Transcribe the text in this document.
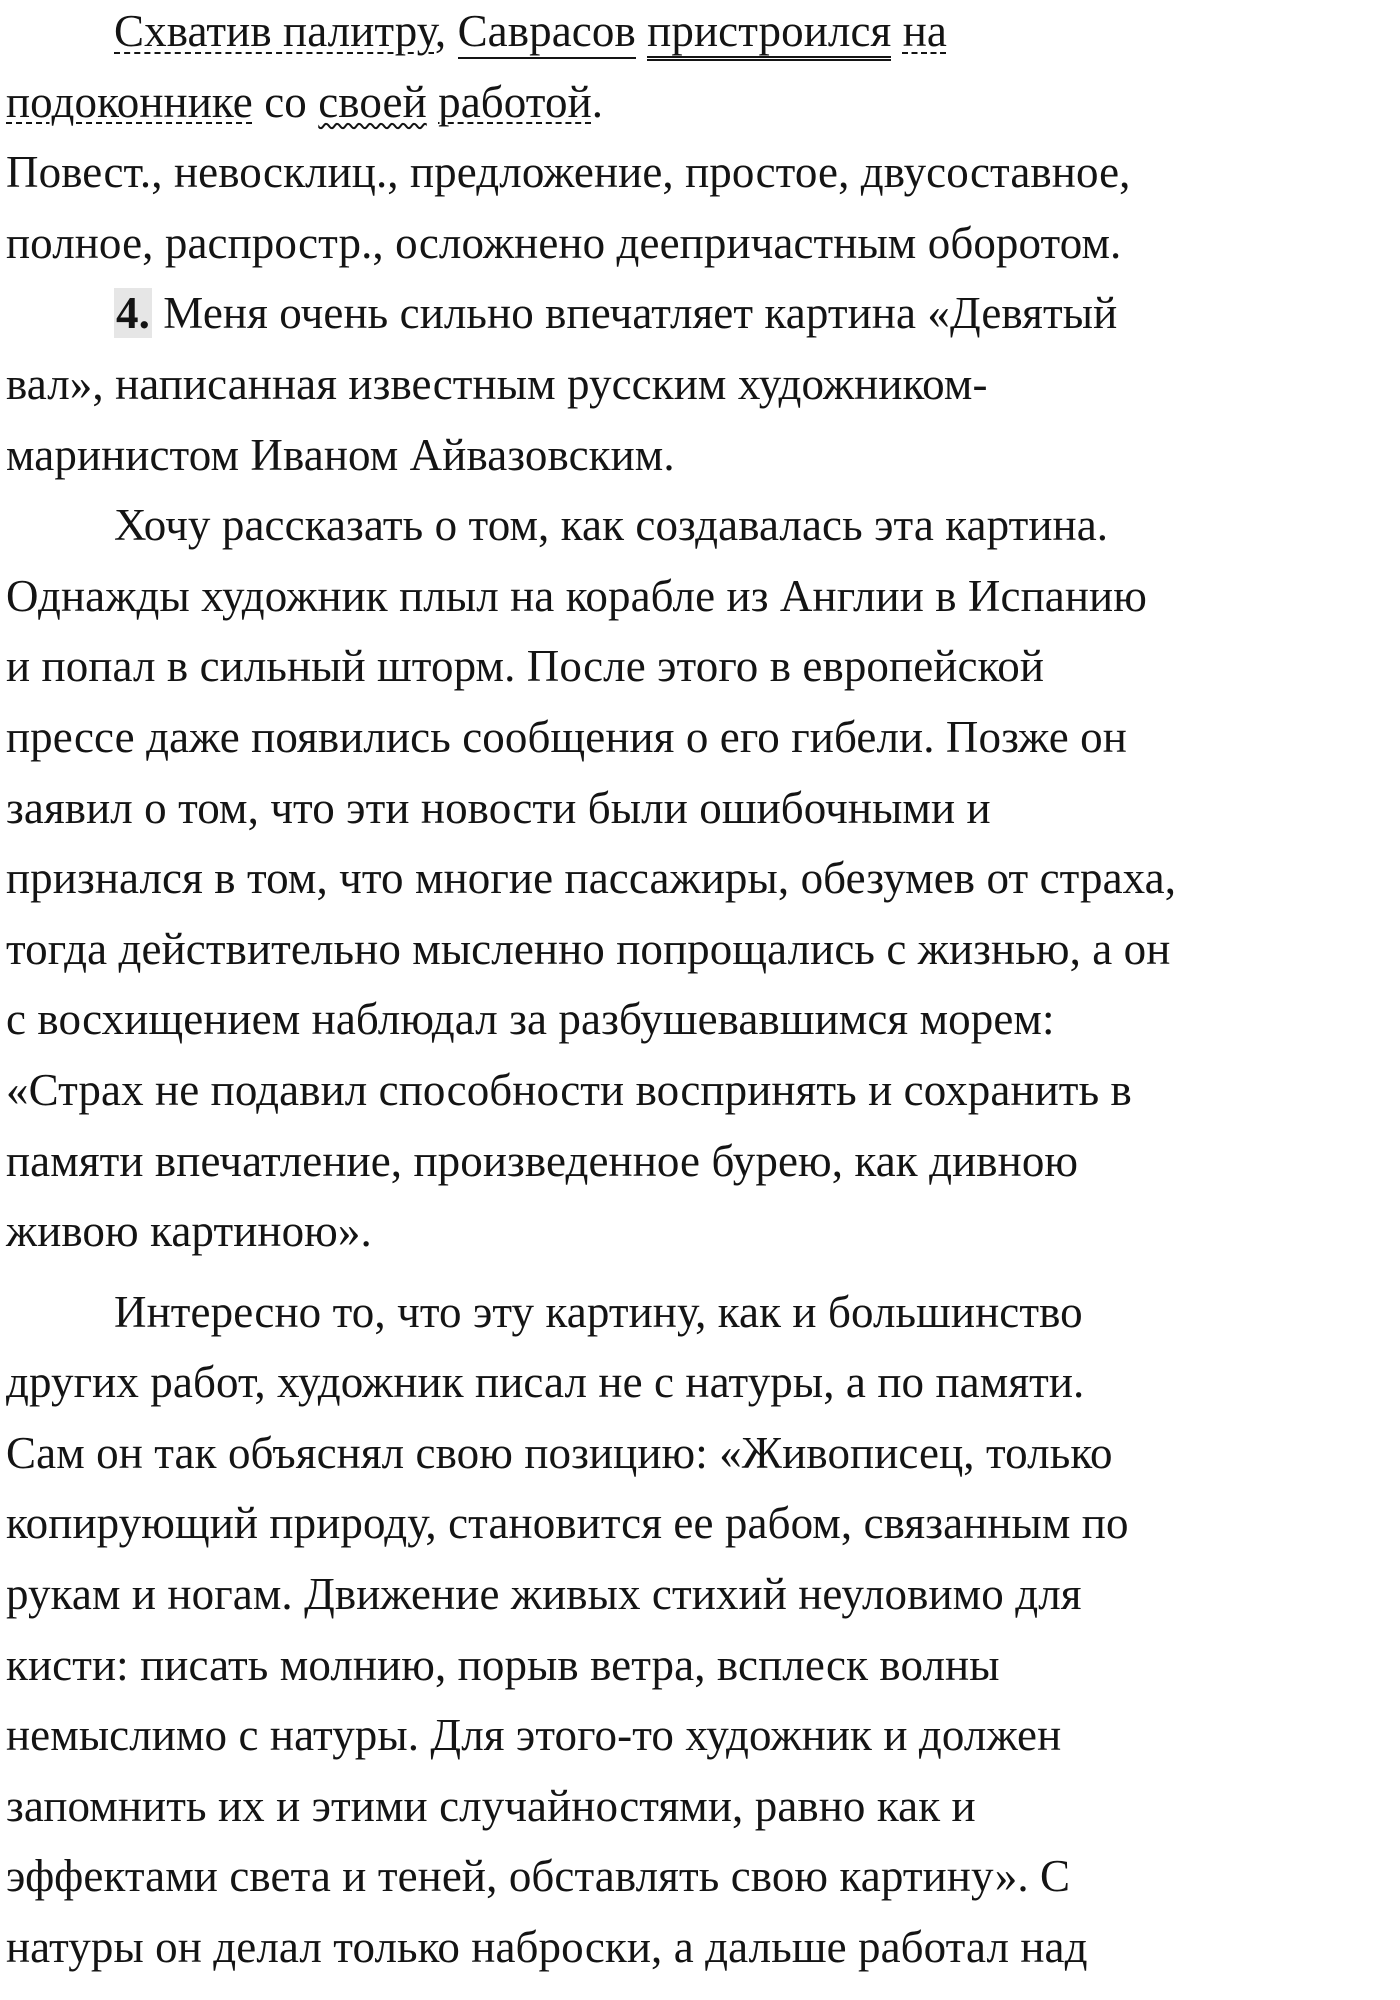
Схватив палитру, Саврасов пристроился на
подоконнике со своей работой.
Повест., невосклиц., предложение, простое, двусоставное,
полное, распростр., осложнено деепричастным оборотом.
4. Меня очень сильно впечатляет картина «Девятый
вал», написанная известным русским художником-
маринистом Иваном Айвазовским.
Хочу рассказать о том, как создавалась эта картина.
Однажды художник плыл на корабле из Англии в Испанию
и попал в сильный шторм. После этого в европейской
прессе даже появились сообщения о его гибели. Позже он
заявил о том, что эти новости были ошибочными и
признался в том, что многие пассажиры, обезумев от страха,
тогда действительно мысленно попрощались с жизнью, а он
с восхищением наблюдал за разбушевавшимся морем:
«Страх не подавил способности воспринять и сохранить в
памяти впечатление, произведенное бурею, как дивною
живою картиною».
Интересно то, что эту картину, как и большинство
других работ, художник писал не с натуры, а по памяти.
Сам он так объяснял свою позицию: «Живописец, только
копирующий природу, становится ее рабом, связанным по
рукам и ногам. Движение живых стихий неуловимо для
кисти: писать молнию, порыв ветра, всплеск волны
немыслимо с натуры. Для этого-то художник и должен
запомнить их и этими случайностями, равно как и
эффектами света и теней, обставлять свою картину». С
натуры он делал только наброски, а дальше работал над
